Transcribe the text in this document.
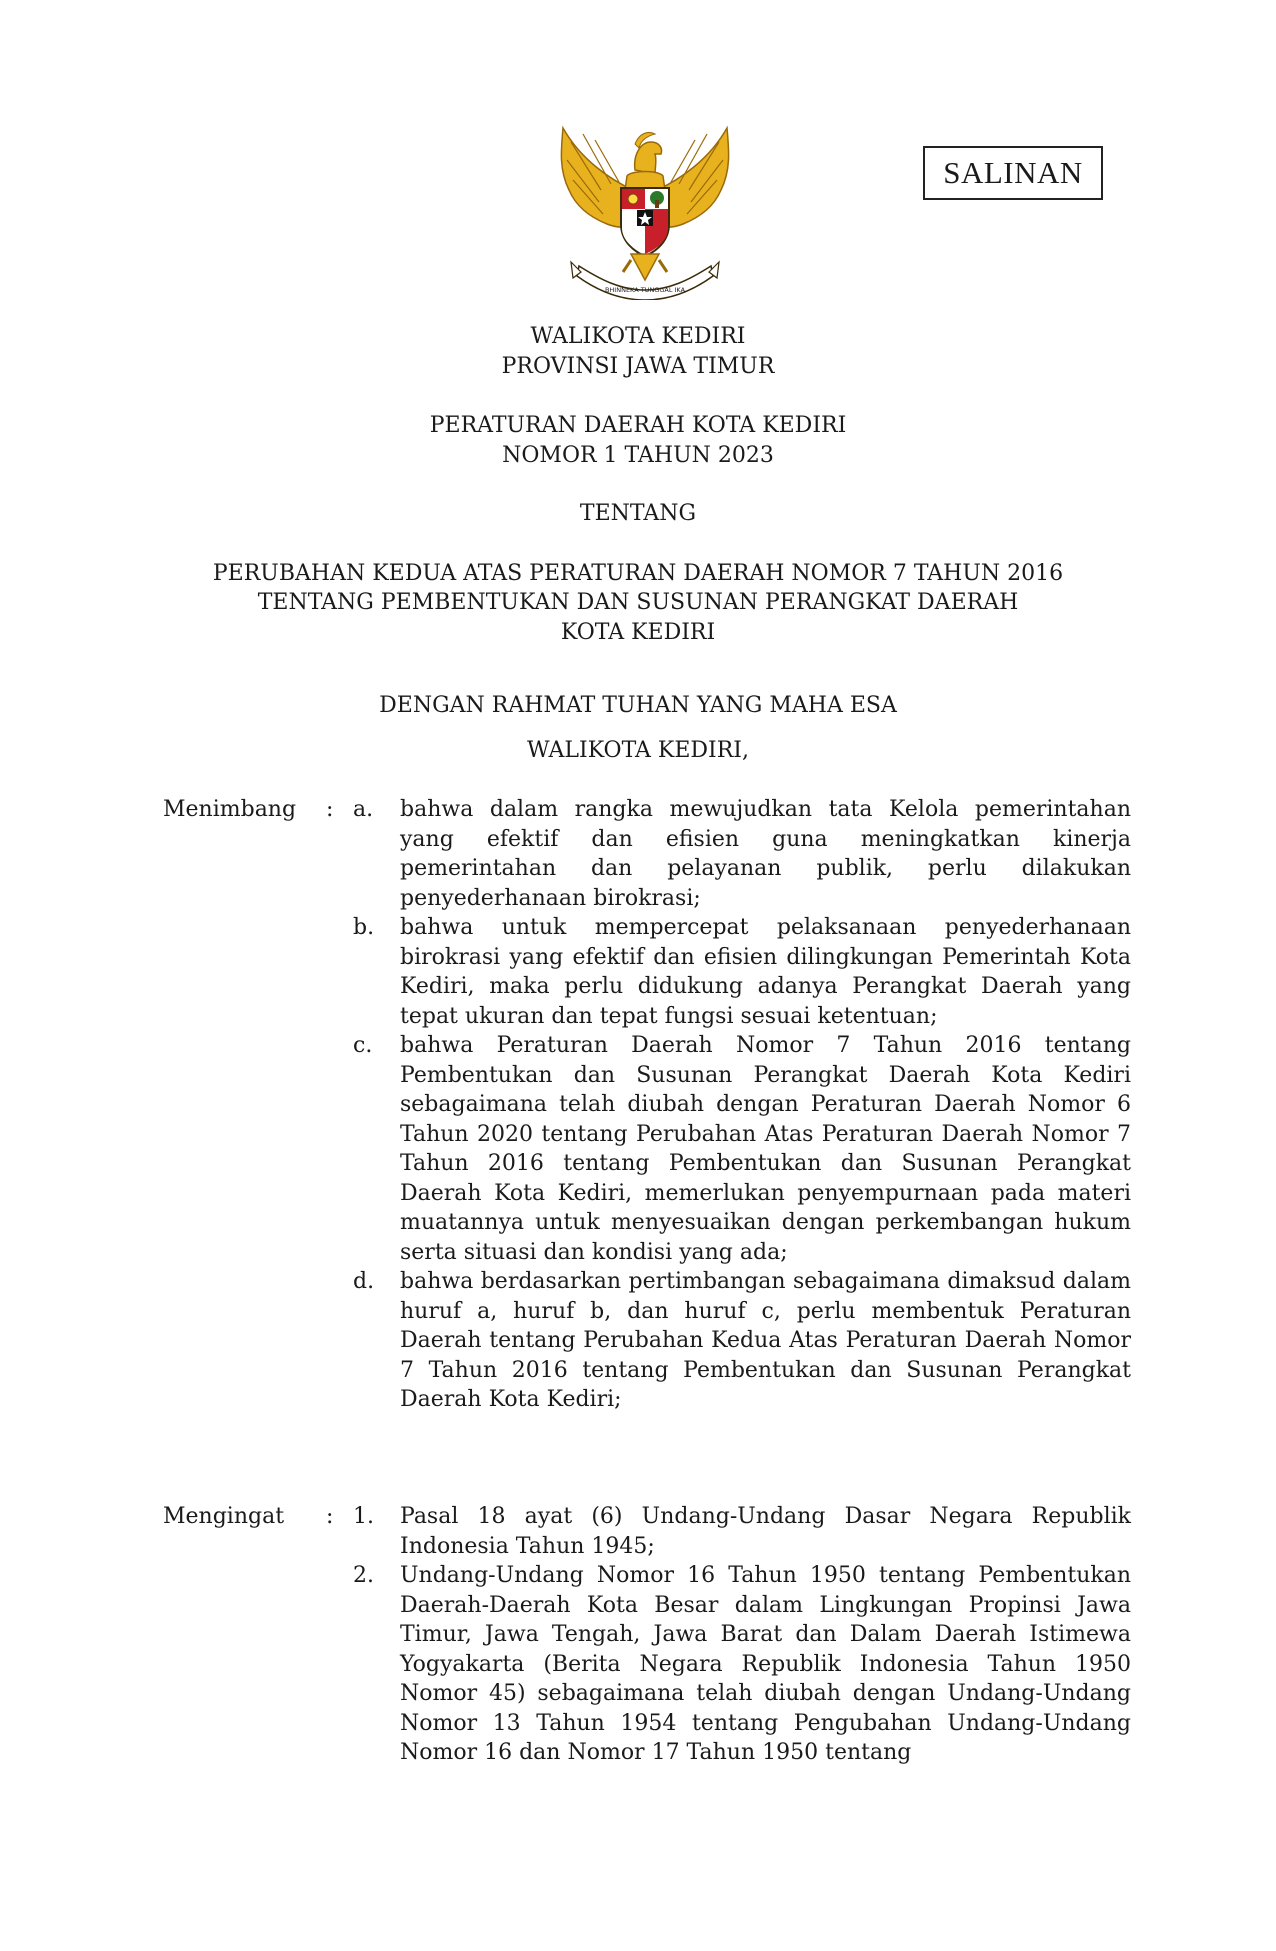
BHINNEKA TUNGGAL IKA
SALINAN
WALIKOTA KEDIRI
PROVINSI JAWA TIMUR
PERATURAN DAERAH KOTA KEDIRI
NOMOR 1 TAHUN 2023
TENTANG
PERUBAHAN KEDUA ATAS PERATURAN DAERAH NOMOR 7 TAHUN 2016
TENTANG PEMBENTUKAN DAN SUSUNAN PERANGKAT DAERAH
KOTA KEDIRI
DENGAN RAHMAT TUHAN YANG MAHA ESA
WALIKOTA KEDIRI,
Menimbang : a. bahwa dalam rangka mewujudkan tata Kelola pemerintahan yang efektif dan efisien guna meningkatkan kinerja pemerintahan dan pelayanan publik, perlu dilakukan penyederhanaan birokrasi;
b. bahwa untuk mempercepat pelaksanaan penyederhanaan birokrasi yang efektif dan efisien dilingkungan Pemerintah Kota Kediri, maka perlu didukung adanya Perangkat Daerah yang tepat ukuran dan tepat fungsi sesuai ketentuan;
c. bahwa Peraturan Daerah Nomor 7 Tahun 2016 tentang Pembentukan dan Susunan Perangkat Daerah Kota Kediri sebagaimana telah diubah dengan Peraturan Daerah Nomor 6 Tahun 2020 tentang Perubahan Atas Peraturan Daerah Nomor 7 Tahun 2016 tentang Pembentukan dan Susunan Perangkat Daerah Kota Kediri, memerlukan penyempurnaan pada materi muatannya untuk menyesuaikan dengan perkembangan hukum serta situasi dan kondisi yang ada;
d. bahwa berdasarkan pertimbangan sebagaimana dimaksud dalam huruf a, huruf b, dan huruf c, perlu membentuk Peraturan Daerah tentang Perubahan Kedua Atas Peraturan Daerah Nomor 7 Tahun 2016 tentang Pembentukan dan Susunan Perangkat Daerah Kota Kediri;
Mengingat : 1. Pasal 18 ayat (6) Undang-Undang Dasar Negara Republik Indonesia Tahun 1945;
2. Undang-Undang Nomor 16 Tahun 1950 tentang Pembentukan Daerah-Daerah Kota Besar dalam Lingkungan Propinsi Jawa Timur, Jawa Tengah, Jawa Barat dan Dalam Daerah Istimewa Yogyakarta (Berita Negara Republik Indonesia Tahun 1950 Nomor 45) sebagaimana telah diubah dengan Undang-Undang Nomor 13 Tahun 1954 tentang Pengubahan Undang-Undang Nomor 16 dan Nomor 17 Tahun 1950 tentang
